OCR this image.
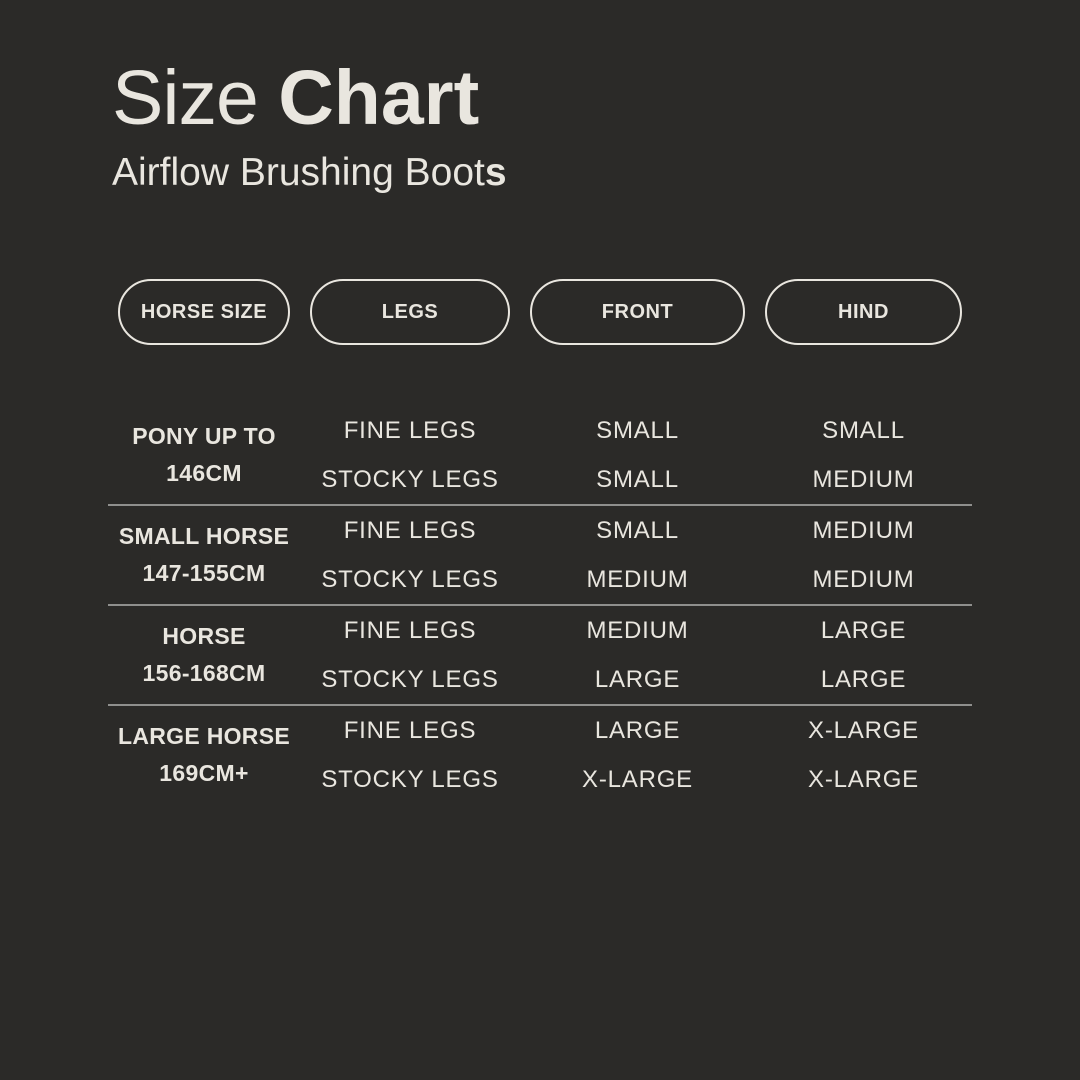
Size Chart
Airflow Brushing Boots
HORSE SIZE	LEGS	FRONT	HIND
PONY UP TO
146CM
FINE LEGS	SMALL	SMALL
STOCKY LEGS	SMALL	MEDIUM
SMALL HORSE
147-155CM
FINE LEGS	SMALL	MEDIUM
STOCKY LEGS	MEDIUM	MEDIUM
HORSE
156-168CM
FINE LEGS	MEDIUM	LARGE
STOCKY LEGS	LARGE	LARGE
LARGE HORSE
169CM+
FINE LEGS	LARGE	X-LARGE
STOCKY LEGS	X-LARGE	X-LARGE
